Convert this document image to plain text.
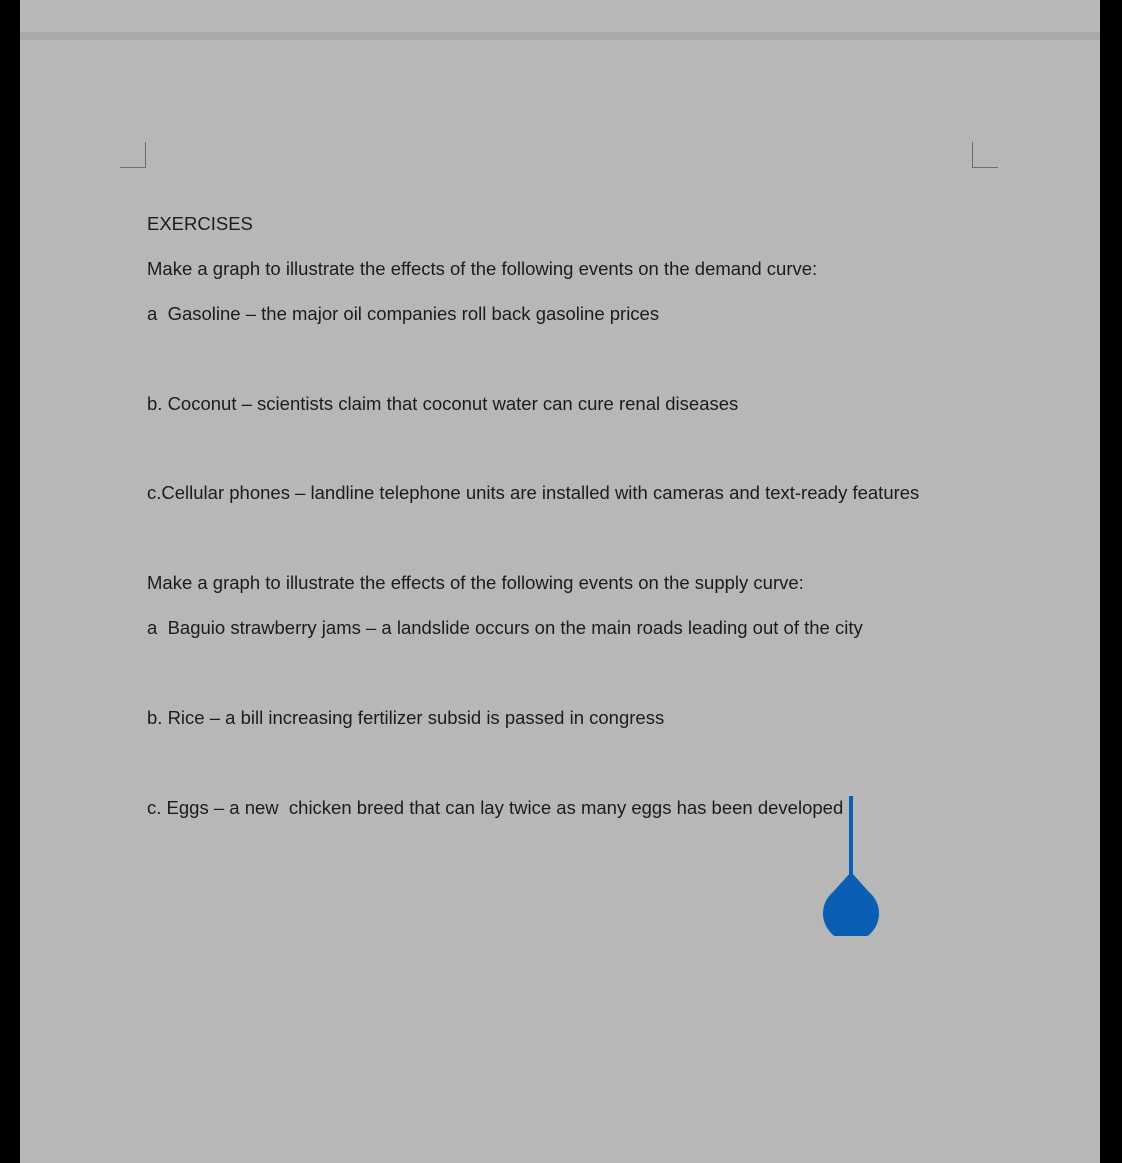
EXERCISES

Make a graph to illustrate the effects of the following events on the demand curve:

a  Gasoline – the major oil companies roll back gasoline prices

b. Coconut – scientists claim that coconut water can cure renal diseases

c.Cellular phones – landline telephone units are installed with cameras and text-ready features

Make a graph to illustrate the effects of the following events on the supply curve:

a  Baguio strawberry jams – a landslide occurs on the main roads leading out of the city

b. Rice – a bill increasing fertilizer subsid is passed in congress

c. Eggs – a new  chicken breed that can lay twice as many eggs has been developed
